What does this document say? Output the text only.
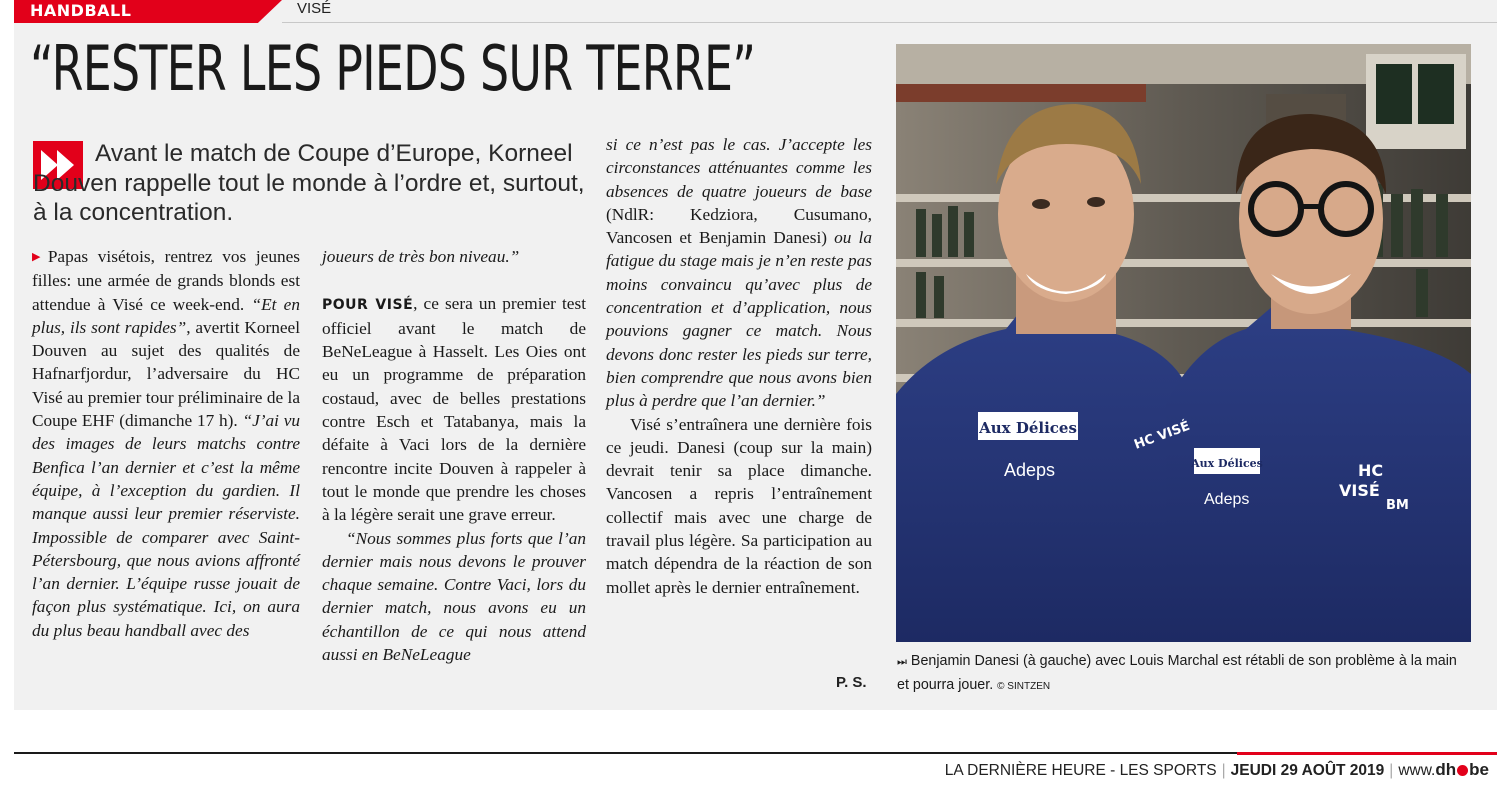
HANDBALL	VISÉ
“RESTER LES PIEDS SUR TERRE”

Avant le match de Coupe d’Europe, Korneel Douven rappelle tout le monde à l’ordre et, surtout, à la concentration.

▶ Papas visétois, rentrez vos jeunes filles: une armée de grands blonds est attendue à Visé ce week-end. “Et en plus, ils sont rapides”, avertit Korneel Douven au sujet des qualités de Hafnarfjordur, l’adversaire du HC Visé au premier tour préliminaire de la Coupe EHF (dimanche 17 h). “J’ai vu des images de leurs matchs contre Benfica l’an dernier et c’est la même équipe, à l’exception du gardien. Il manque aussi leur premier réserviste. Impossible de comparer avec Saint-Pétersbourg, que nous avions affronté l’an dernier. L’équipe russe jouait de façon plus systématique. Ici, on aura du plus beau handball avec des

joueurs de très bon niveau.”

POUR VISÉ, ce sera un premier test officiel avant le match de BeNeLeague à Hasselt. Les Oies ont eu un programme de préparation costaud, avec de belles prestations contre Esch et Tatabanya, mais la défaite à Vaci lors de la dernière rencontre incite Douven à rappeler à tout le monde que prendre les choses à la légère serait une grave erreur.

“Nous sommes plus forts que l’an dernier mais nous devons le prouver chaque semaine. Contre Vaci, lors du dernier match, nous avons eu un échantillon de ce qui nous attend aussi en BeNeLeague

si ce n’est pas le cas. J’accepte les circonstances atténuantes comme les absences de quatre joueurs de base (NdlR: Kedziora, Cusumano, Vancosen et Benjamin Danesi) ou la fatigue du stage mais je n’en reste pas moins convaincu qu’avec plus de concentration et d’application, nous pouvions gagner ce match. Nous devons donc rester les pieds sur terre, bien comprendre que nous avons bien plus à perdre que l’an dernier.”

Visé s’entraînera une dernière fois ce jeudi. Danesi (coup sur la main) devrait tenir sa place dimanche. Vancosen a repris l’entraînement collectif mais avec une charge de travail plus légère. Sa participation au match dépendra de la réaction de son mollet après le dernier entraînement.

P. S.
Aux Délices
Adeps
HC VISÉ
Aux Délices
Adeps
HC
VISÉ
BM
⏭ Benjamin Danesi (à gauche) avec Louis Marchal est rétabli de son problème à la main et pourra jouer. © SINTZEN
LA DERNIÈRE HEURE - LES SPORTS | JEUDI 29 AOÛT 2019 | www.dh be
